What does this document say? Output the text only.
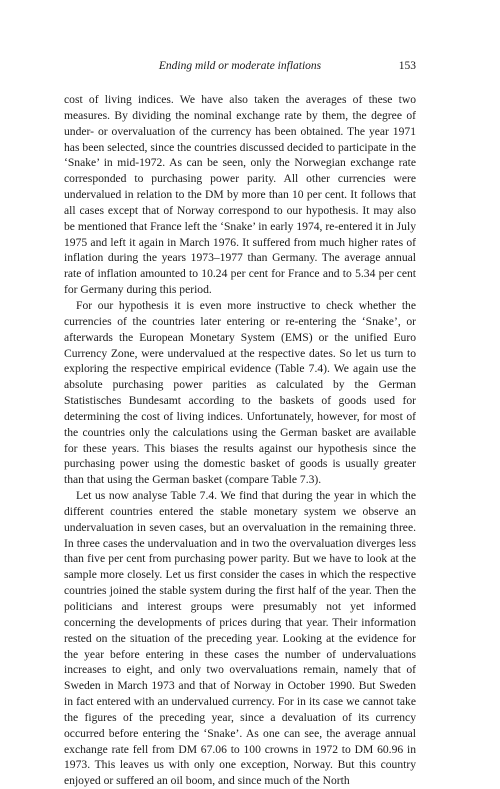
Ending mild or moderate inflations	153

cost of living indices. We have also taken the averages of these two measures. By dividing the nominal exchange rate by them, the degree of under- or overvaluation of the currency has been obtained. The year 1971 has been selected, since the countries discussed decided to participate in the ‘Snake’ in mid-1972. As can be seen, only the Norwegian exchange rate corresponded to purchasing power parity. All other currencies were undervalued in relation to the DM by more than 10 per cent. It follows that all cases except that of Norway correspond to our hypothesis. It may also be mentioned that France left the ‘Snake’ in early 1974, re-entered it in July 1975 and left it again in March 1976. It suffered from much higher rates of inflation during the years 1973–1977 than Germany. The average annual rate of inflation amounted to 10.24 per cent for France and to 5.34 per cent for Germany during this period.

For our hypothesis it is even more instructive to check whether the currencies of the countries later entering or re-entering the ‘Snake’, or afterwards the European Monetary System (EMS) or the unified Euro Currency Zone, were undervalued at the respective dates. So let us turn to exploring the respective empirical evidence (Table 7.4). We again use the absolute purchasing power parities as calculated by the German Statistisches Bundesamt according to the baskets of goods used for determining the cost of living indices. Unfortunately, however, for most of the countries only the calculations using the German basket are available for these years. This biases the results against our hypothesis since the purchasing power using the domestic basket of goods is usually greater than that using the German basket (compare Table 7.3).

Let us now analyse Table 7.4. We find that during the year in which the different countries entered the stable monetary system we observe an undervaluation in seven cases, but an overvaluation in the remaining three. In three cases the undervaluation and in two the overvaluation diverges less than five per cent from purchasing power parity. But we have to look at the sample more closely. Let us first consider the cases in which the respective countries joined the stable system during the first half of the year. Then the politicians and interest groups were presumably not yet informed concerning the developments of prices during that year. Their information rested on the situation of the preceding year. Looking at the evidence for the year before entering in these cases the number of undervaluations increases to eight, and only two overvaluations remain, namely that of Sweden in March 1973 and that of Norway in October 1990. But Sweden in fact entered with an undervalued currency. For in its case we cannot take the figures of the preceding year, since a devaluation of its currency occurred before entering the ‘Snake’. As one can see, the average annual exchange rate fell from DM 67.06 to 100 crowns in 1972 to DM 60.96 in 1973. This leaves us with only one exception, Norway. But this country enjoyed or suffered an oil boom, and since much of the North
